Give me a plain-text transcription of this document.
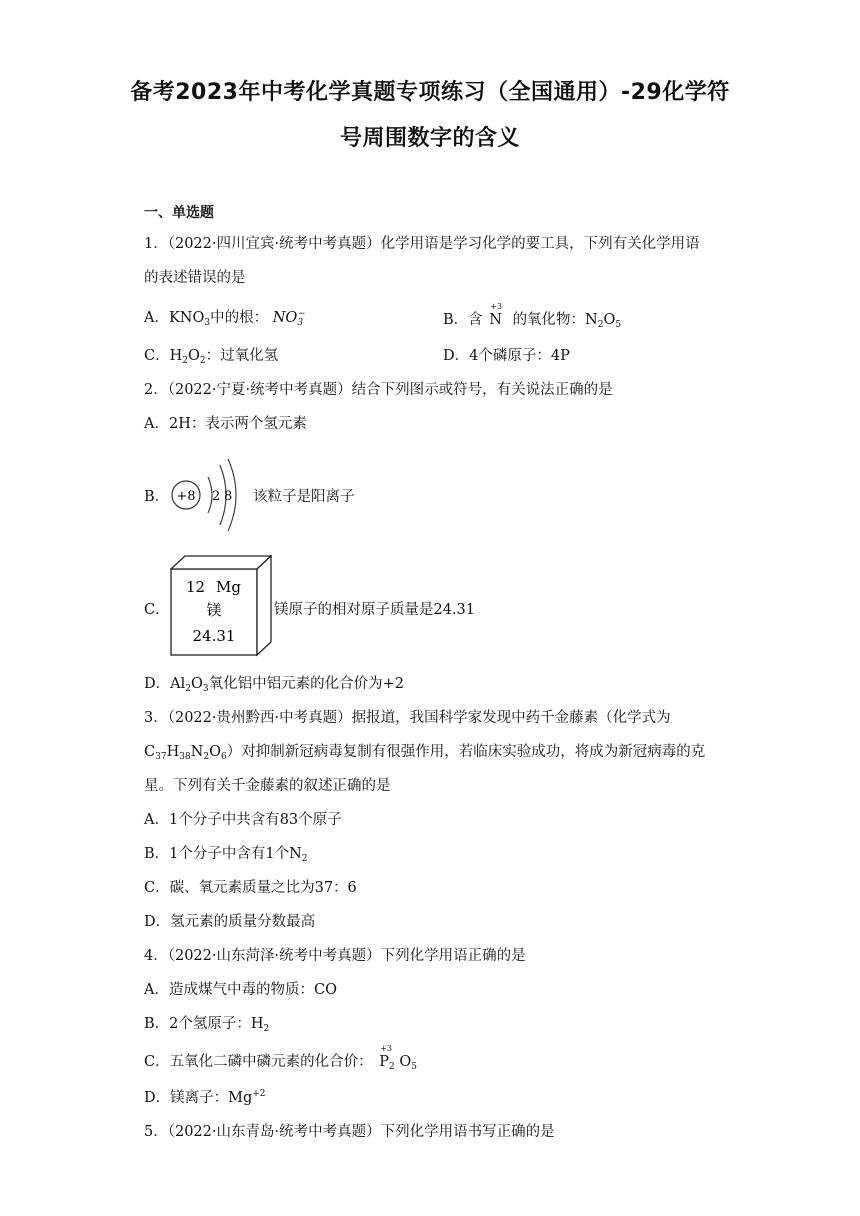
备考2023年中考化学真题专项练习（全国通用）-29化学符
号周围数字的含义
一、单选题
1．（2022·四川宜宾·统考中考真题）化学用语是学习化学的要工具，下列有关化学用语
的表述错误的是
A．$KNO_3$中的根： $NO_3^-$	B．含
+3
N 的氧化物：$N_2O_5$
C．$H_2O_2$：过氧化氢	D．4个磷原子：4P
2．（2022·宁夏·统考中考真题）结合下列图示或符号，有关说法正确的是
A．2H：表示两个氢元素
B． +8 2 8 该粒子是阳离子
C．
12 Mg
镁
24.31
镁原子的相对原子质量是24.31
D．$Al_2O_3$氧化铝中铝元素的化合价为+2
3．（2022·贵州黔西·中考真题）据报道，我国科学家发现中药千金藤素（化学式为
$C_{37}H_{38}N_2O_6$）对抑制新冠病毒复制有很强作用，若临床实验成功，将成为新冠病毒的克
星。下列有关千金藤素的叙述正确的是
A．1个分子中共含有83个原子
B．1个分子中含有1个$N_2$
C．碳、氧元素质量之比为37：6
D．氢元素的质量分数最高
4．（2022·山东菏泽·统考中考真题）下列化学用语正确的是
A．造成煤气中毒的物质：CO
B．2个氢原子：$H_2$
C．五氧化二磷中磷元素的化合价：
+3
$P_2$ $O_5$
D．镁离子：$Mg^{+2}$
5．（2022·山东青岛·统考中考真题）下列化学用语书写正确的是
